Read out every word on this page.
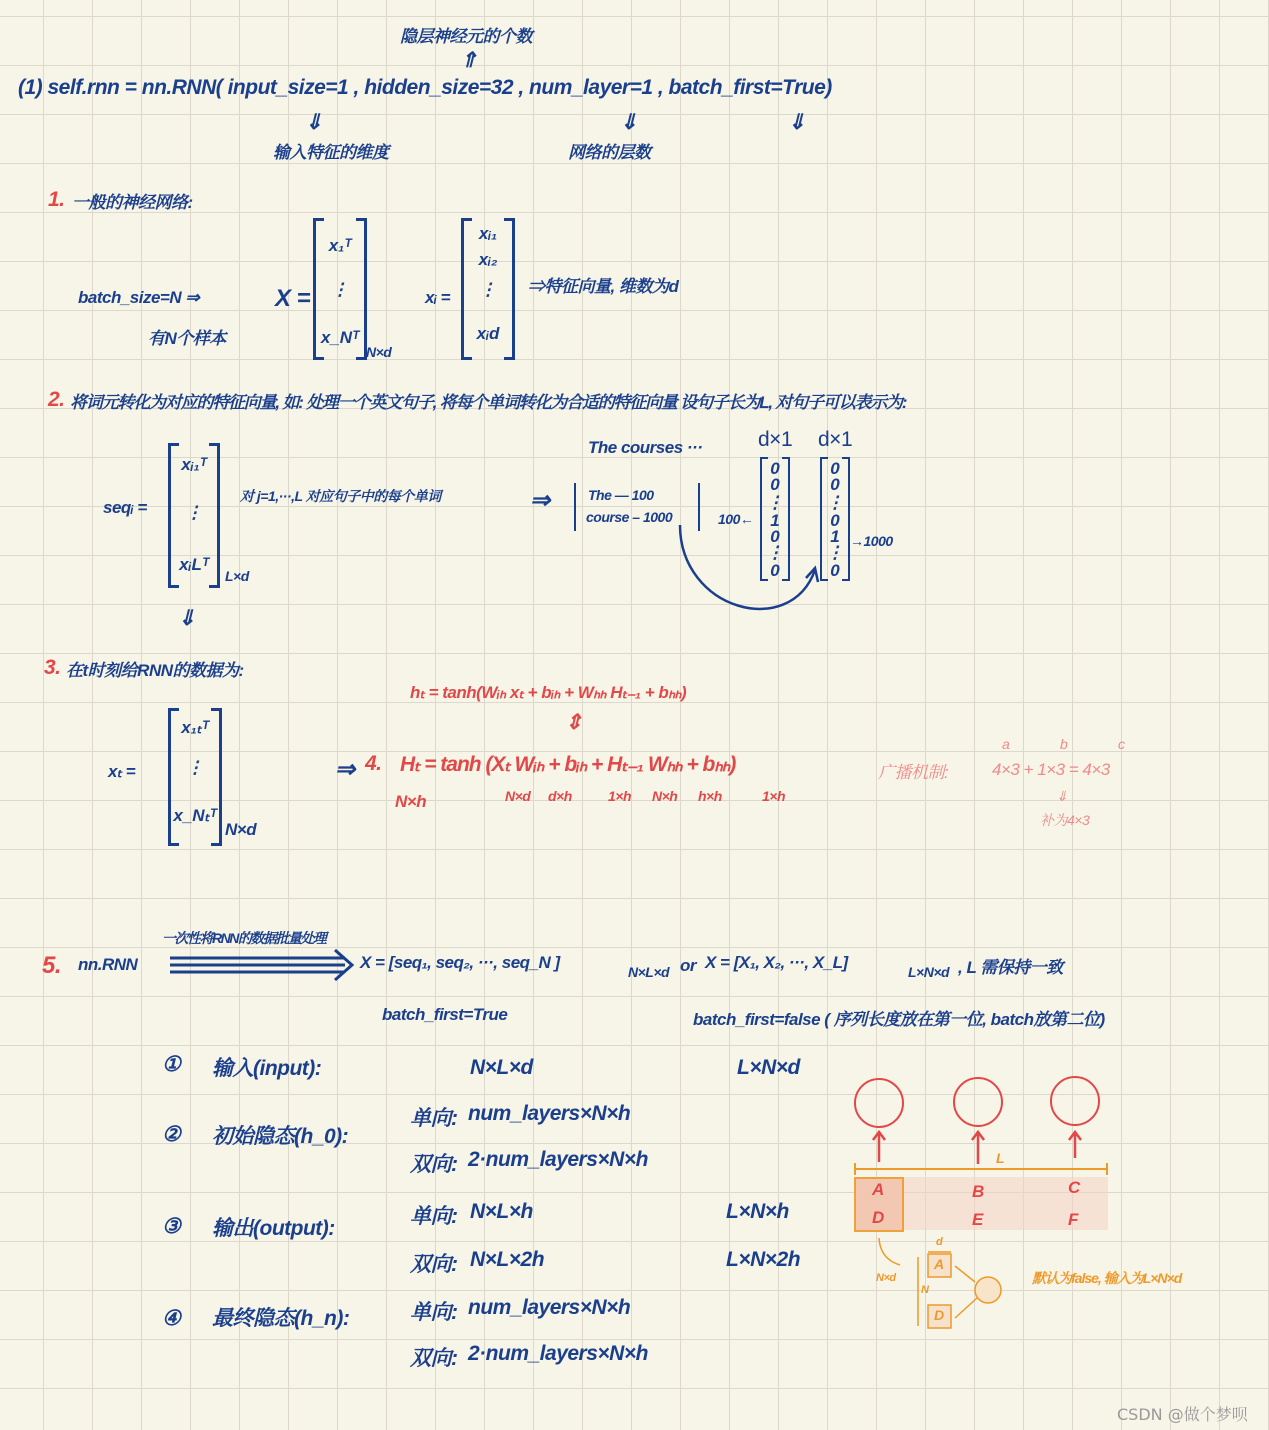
隐层神经元的个数
⇑
(1) self.rnn = nn.RNN( input_size=1 , hidden_size=32 , num_layer=1 , batch_first=True)
⇓	⇓	⇓
输入特征的维度	网络的层数
1. 一般的神经网络:
batch_size=N ⇒
有N个样本
X =
x₁ᵀ
⋮
x_Nᵀ
N×d
xᵢ =
xᵢ₁
xᵢ₂
⋮
xᵢd
⇒特征向量, 维数为d
2. 将词元转化为对应的特征向量, 如: 处理一个英文句子, 将每个单词转化为合适的特征向量 设句子长为L, 对句子可以表示为:
seqᵢ =
xᵢ₁ᵀ
⋮
xᵢLᵀ
L×d
对 j=1,···,L 对应句子中的每个单词	⇒
The courses ···
The — 100
course – 1000
d×1 d×1
0
0
⋮
1
0
⋮
0
0
0
⋮
0
1
⋮
0
100←
→1000
⇓
3. 在t时刻给RNN的数据为:
xₜ =
x₁ₜᵀ
⋮
x_Nₜᵀ
N×d
hₜ = tanh(Wᵢₕ xₜ + bᵢₕ + Wₕₕ Hₜ₋₁ + bₕₕ)
⇕
⇒ 4. Hₜ = tanh (Xₜ Wᵢₕ + bᵢₕ + Hₜ₋₁ Wₕₕ + bₕₕ)
N×h	N×d d×h	1×h N×h h×h	1×h
广播机制:
a	b	c
4×3 + 1×3 = 4×3
⇓
补为4×3
5. nn.RNN
一次性将RNN的数据批量处理
X = [seq₁, seq₂, ···, seq_N ]	N×L×d or X = [X₁, X₂, ···, X_L]	L×N×d , L 需保持一致
batch_first=True	batch_first=false ( 序列长度放在第一位, batch放第二位)
① 输入(input):	N×L×d	L×N×d
② 初始隐态(h_0):
单向: num_layers×N×h
双向: 2·num_layers×N×h
③ 输出(output):
单向: N×L×h	L×N×h
双向: N×L×2h	L×N×2h
④ 最终隐态(h_n):	单向: num_layers×N×h
双向: 2·num_layers×N×h
L
A	B	C
D	E	F
N×d
d
N
A
D
默认为false, 输入为L×N×d
CSDN @做个梦呗
